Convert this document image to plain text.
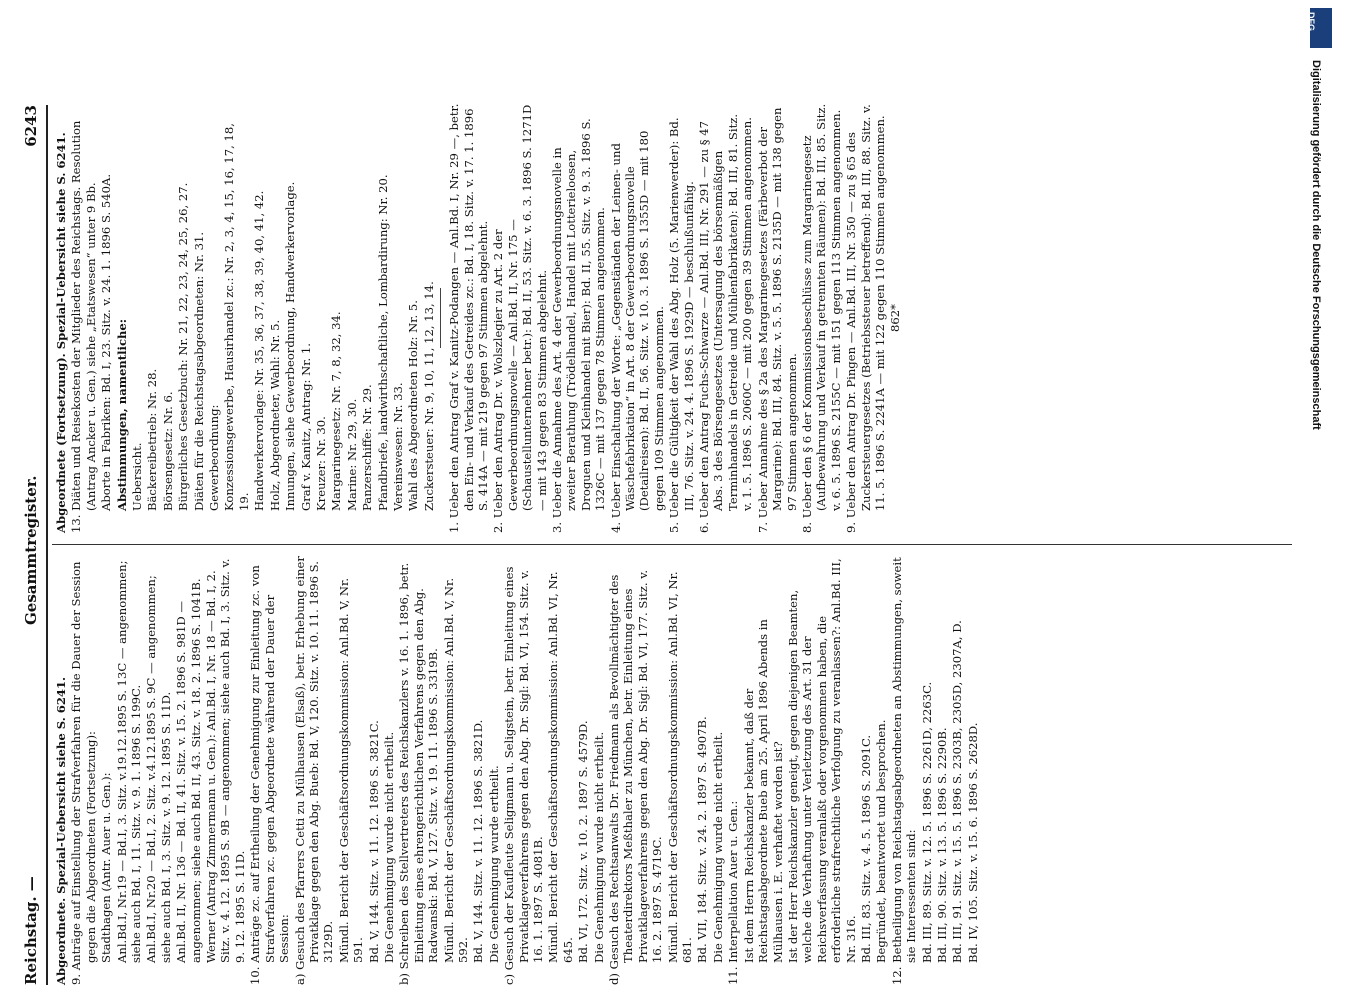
Reichstag. —
Gesammtregister.
6243
Abgeordnete. Spezial-Uebersicht siehe S. 6241. 9. Anträge auf Einstellung der Strafverfahren für die Dauer der Session gegen die Abgeordneten (Fortsetzung): Stadthagen (Antr. Auer u. Gen.): Anl.Bd.I, Nr.19 — Bd.I, 3. Sitz. v.19.12.1895 S. 13C — angenommen; siehe auch Bd. I, 11. Sitz. v. 9. 1. 1896 S. 199C. Anl.Bd.I, Nr.20 — Bd.I, 2. Sitz. v.4.12.1895 S. 9C — angenommen; siehe auch Bd. I, 3. Sitz. v. 9. 12. 1895 S. 11D. Anl.Bd. II, Nr. 136 — Bd. II, 41. Sitz. v. 15. 2. 1896 S. 981D — angenommen; siehe auch Bd. II, 43. Sitz. v. 18. 2. 1896 S. 1041B. Werner (Antrag Zimmermann u. Gen.): Anl.Bd. I, Nr. 18 — Bd. I, 2. Sitz. v. 4. 12. 1895 S. 9B — angenommen; siehe auch Bd. I, 3. Sitz. v. 9. 12. 1895 S. 11D. 10. Anträge zc. auf Ertheilung der Genehmigung zur Einleitung zc. von Strafverfahren zc. gegen Abgeordnete während der Dauer der Session: a) Gesuch des Pfarrers Cetti zu Mülhausen (Elsaß), betr. Erhebung einer Privatklage gegen den Abg. Bueb: Bd. V, 120. Sitz. v. 10. 11. 1896 S. 3129D. Mündl. Bericht der Geschäftsordnungskommission: Anl.Bd. V, Nr. 591. Bd. V, 144. Sitz. v. 11. 12. 1896 S. 3821C. Die Genehmigung wurde nicht ertheilt. b) Schreiben des Stellvertreters des Reichskanzlers v. 16. 1. 1896, betr. Einleitung eines ehrengerichtlichen Verfahrens gegen den Abg. Radwanski: Bd. V, 127. Sitz. v. 19. 11. 1896 S. 3319B. Mündl. Bericht der Geschäftsordnungskommission: Anl.Bd. V, Nr. 592. Bd. V, 144. Sitz. v. 11. 12. 1896 S. 3821D. Die Genehmigung wurde ertheilt. c) Gesuch der Kaufleute Seligmann u. Seligstein, betr. Einleitung eines Privatklageverfahrens gegen den Abg. Dr. Sigl: Bd. VI, 154. Sitz. v. 16. 1. 1897 S. 4081B. Mündl. Bericht der Geschäftsordnungskommission: Anl.Bd. VI, Nr. 645. Bd. VI, 172. Sitz. v. 10. 2. 1897 S. 4579D. Die Genehmigung wurde nicht ertheilt. d) Gesuch des Rechtsanwalts Dr. Friedmann als Bevollmächtigter des Theaterdirektors Meßthaler zu München, betr. Einleitung eines Privatklageverfahrens gegen den Abg. Dr. Sigl: Bd. VI, 177. Sitz. v. 16. 2. 1897 S. 4719C. Mündl. Bericht der Geschäftsordnungskommission: Anl.Bd. VI, Nr. 681. Bd. VII, 184. Sitz. v. 24. 2. 1897 S. 4907B. Die Genehmigung wurde nicht ertheilt. 11. Interpellation Auer u. Gen.: Ist dem Herrn Reichskanzler bekannt, daß der Reichstagsabgeordnete Bueb am 25. April 1896 Abends in Mülhausen i. E. verhaftet worden ist? Ist der Herr Reichskanzler geneigt, gegen diejenigen Beamten, welche die Verhaftung unter Verletzung des Art. 31 der Reichsverfassung veranlaßt oder vorgenommen haben, die erforderliche strafrechtliche Verfolgung zu veranlassen?: Anl.Bd. III, Nr. 316. Bd. III, 83. Sitz. v. 4. 5. 1896 S. 2091C. Begründet, beantwortet und besprochen. 12. Betheiligung von Reichstagsabgeordneten an Abstimmungen, soweit sie Interessenten sind: Bd. III, 89. Sitz. v. 12. 5. 1896 S. 2261D, 2263C. Bd. III, 90. Sitz. v. 13. 5. 1896 S. 2290B. Bd. III, 91. Sitz. v. 15. 5. 1896 S. 2303B, 2305D, 2307A, D. Bd. IV, 105. Sitz. v. 15. 6. 1896 S. 2628D.
Abgeordnete (Fortsetzung). Spezial-Uebersicht siehe S. 6241. 13. Diäten und Reisekosten der Mitglieder des Reichstags. Resolution (Antrag Ancker u. Gen.) siehe „Etatswesen“ unter 9 Bb. Aborte in Fabriken: Bd. I, 23. Sitz. v. 24. 1. 1896 S. 540A. Abstimmungen, namentliche: Uebersicht. Bäckereibetrieb: Nr. 28. Börsengesetz: Nr. 6. Bürgerliches Gesetzbuch: Nr. 21, 22, 23, 24, 25, 26, 27. Diäten für die Reichstagsabgeordneten: Nr. 31. Gewerbeordnung: Konzessionsgewerbe, Hausirhandel zc.: Nr. 2, 3, 4, 15, 16, 17, 18, 19. Handwerkervorlage: Nr. 35, 36, 37, 38, 39, 40, 41, 42. Holz, Abgeordneter, Wahl: Nr. 5. Innungen, siehe Gewerbeordnung, Handwerkervorlage. Graf v. Kanitz, Antrag: Nr. 1. Kreuzer: Nr. 30. Margarinegesetz: Nr. 7, 8, 32, 34. Marine: Nr. 29, 30. Panzerschiffe: Nr. 29. Pfandbriefe, landwirthschaftliche, Lombardirung: Nr. 20. Vereinswesen: Nr. 33. Wahl des Abgeordneten Holz: Nr. 5. Zuckersteuer: Nr. 9, 10, 11, 12, 13, 14. 1. Ueber den Antrag Graf v. Kanitz-Podangen — Anl.Bd. I, Nr. 29 —, betr. den Ein- und Verkauf des Getreides zc.: Bd. I, 18. Sitz. v. 17. 1. 1896 S. 414A — mit 219 gegen 97 Stimmen abgelehnt. 2. Ueber den Antrag Dr. v. Wolszlegier zu Art. 2 der Gewerbeordnungsnovelle — Anl.Bd. II, Nr. 175 — (Schaustellunternehmer betr.): Bd. II, 53. Sitz. v. 6. 3. 1896 S. 1271D — mit 143 gegen 83 Stimmen abgelehnt. 3. Ueber die Annahme des Art. 4 der Gewerbeordnungsnovelle in zweiter Berathung (Trödelhandel, Handel mit Lotterieloosen, Droguen und Kleinhandel mit Bier): Bd. II, 55. Sitz. v. 9. 3. 1896 S. 1326C — mit 137 gegen 78 Stimmen angenommen. 4. Ueber Einschaltung der Worte: „Gegenständen der Leinen- und Wäschefabrikation“ in Art. 8 der Gewerbeordnungsnovelle (Detailreisen): Bd. II, 56. Sitz. v. 10. 3. 1896 S. 1355D — mit 180 gegen 109 Stimmen angenommen. 5. Ueber die Gültigkeit der Wahl des Abg. Holz (5. Marienwerder): Bd. III, 76. Sitz. v. 24. 4. 1896 S. 1929D — beschlußunfähig. 6. Ueber den Antrag Fuchs-Schwarze — Anl.Bd. III, Nr. 291 — zu § 47 Abs. 3 des Börsengesetzes (Untersagung des börsenmäßigen Terminhandels in Getreide und Mühlenfabrikaten): Bd. III, 81. Sitz. v. 1. 5. 1896 S. 2060C — mit 200 gegen 39 Stimmen angenommen. 7. Ueber Annahme des § 2a des Margarinegesetzes (Färbeverbot der Margarine): Bd. III, 84. Sitz. v. 5. 5. 1896 S. 2135D — mit 138 gegen 97 Stimmen angenommen. 8. Ueber den § 6 der Kommissionsbeschlüsse zum Margarinegesetz (Aufbewahrung und Verkauf in getrennten Räumen): Bd. III, 85. Sitz. v. 6. 5. 1896 S. 2155C — mit 151 gegen 113 Stimmen angenommen. 9. Ueber den Antrag Dr. Pingen — Anl.Bd. III, Nr. 350 — zu § 65 des Zuckersteuergesetzes (Betriebssteuer betreffend): Bd. III, 88. Sitz. v. 11. 5. 1896 S. 2241A — mit 122 gegen 110 Stimmen angenommen. 862*	Digitalisierung gefördert durch die Deutsche Forschungsgemeinschaft
DFG
